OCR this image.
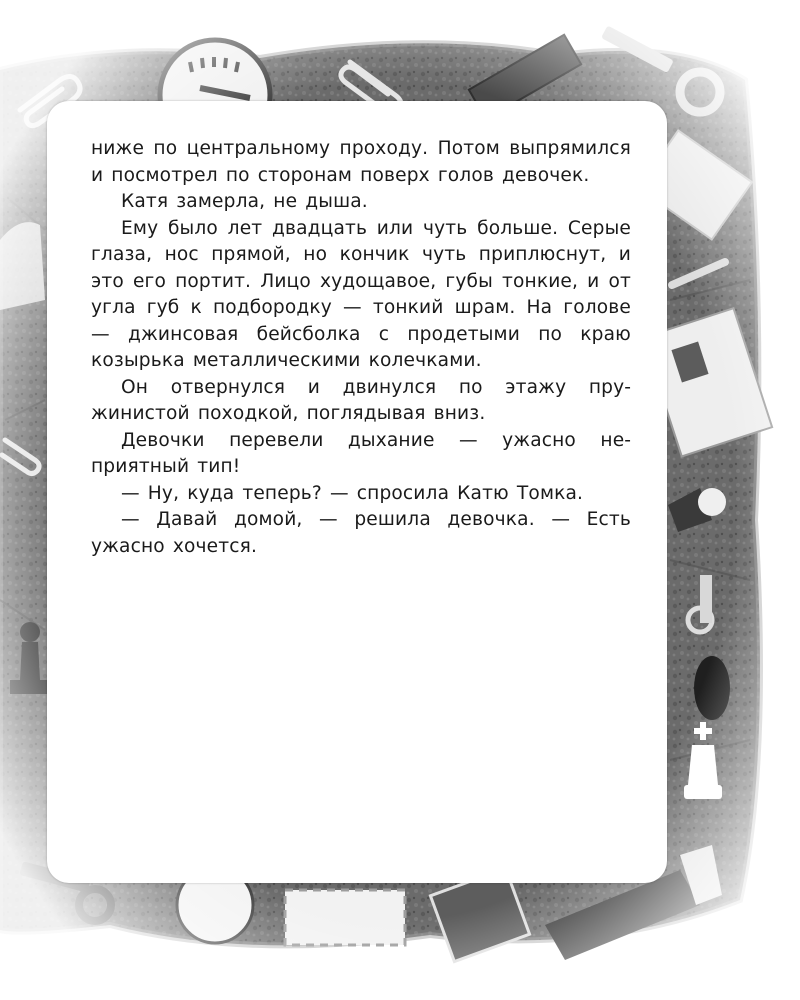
ниже по центральному проходу. Потом выпрямился и посмотрел по сторонам поверх голов девочек.

Катя замерла, не дыша.

Ему было лет двадцать или чуть больше. Серые глаза, нос прямой, но кончик чуть приплюснут, и это его портит. Лицо худощавое, губы тонкие, и от угла губ к подбородку — тонкий шрам. На голове — джинсовая бейсболка с продетыми по краю козырька металлическими колечками.

Он отвернулся и двинулся по этажу пружинистой походкой, поглядывая вниз.

Девочки перевели дыхание — ужасно неприятный тип!

— Ну, куда теперь? — спросила Катю Томка.

— Давай домой, — решила девочка. — Есть ужасно хочется.
